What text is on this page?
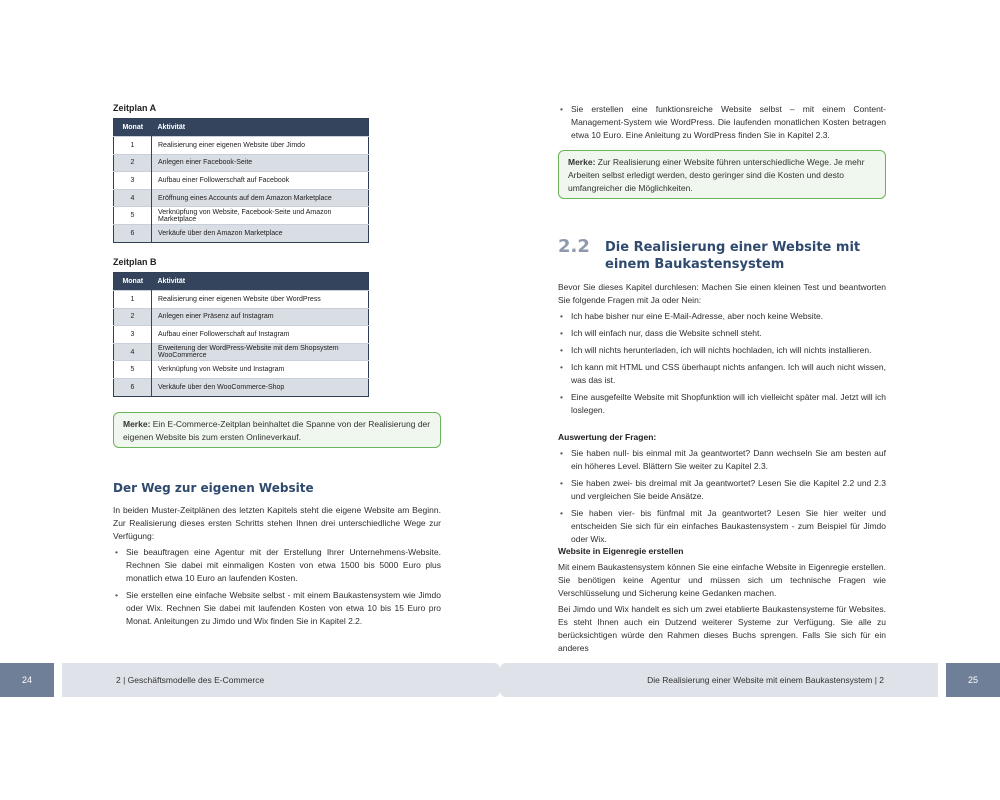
Zeitplan A
Monat	Aktivität
1	Realisierung einer eigenen Website über Jimdo
2	Anlegen einer Facebook-Seite
3	Aufbau einer Followerschaft auf Facebook
4	Eröffnung eines Accounts auf dem Amazon Marketplace
5	Verknüpfung von Website, Facebook-Seite und Amazon Marketplace
6	Verkäufe über den Amazon Marketplace
Zeitplan B
Monat	Aktivität
1	Realisierung einer eigenen Website über WordPress
2	Anlegen einer Präsenz auf Instagram
3	Aufbau einer Followerschaft auf Instagram
4	Erweiterung der WordPress-Website mit dem Shopsystem WooCommerce
5	Verknüpfung von Website und Instagram
6	Verkäufe über den WooCommerce-Shop
Merke: Ein E-Commerce-Zeitplan beinhaltet die Spanne von der Realisierung der eigenen Website bis zum ersten Onlineverkauf.
Der Weg zur eigenen Website
In beiden Muster-Zeitplänen des letzten Kapitels steht die eigene Website am Beginn. Zur Realisierung dieses ersten Schritts stehen Ihnen drei unterschiedliche Wege zur Verfügung:
• Sie beauftragen eine Agentur mit der Erstellung Ihrer Unternehmens-Website. Rechnen Sie dabei mit einmaligen Kosten von etwa 1500 bis 5000 Euro plus monatlich etwa 10 Euro an laufenden Kosten.
• Sie erstellen eine einfache Website selbst - mit einem Baukastensystem wie Jimdo oder Wix. Rechnen Sie dabei mit laufenden Kosten von etwa 10 bis 15 Euro pro Monat. Anleitungen zu Jimdo und Wix finden Sie in Kapitel 2.2.
• Sie erstellen eine funktionsreiche Website selbst – mit einem Content-Management-System wie WordPress. Die laufenden monatlichen Kosten betragen etwa 10 Euro. Eine Anleitung zu WordPress finden Sie in Kapitel 2.3.
Merke: Zur Realisierung einer Website führen unterschiedliche Wege. Je mehr Arbeiten selbst erledigt werden, desto geringer sind die Kosten und desto umfangreicher die Möglichkeiten.
2.2 Die Realisierung einer Website mit einem Baukastensystem
Bevor Sie dieses Kapitel durchlesen: Machen Sie einen kleinen Test und beantworten Sie folgende Fragen mit Ja oder Nein:
• Ich habe bisher nur eine E-Mail-Adresse, aber noch keine Website.
• Ich will einfach nur, dass die Website schnell steht.
• Ich will nichts herunterladen, ich will nichts hochladen, ich will nichts installieren.
• Ich kann mit HTML und CSS überhaupt nichts anfangen. Ich will auch nicht wissen, was das ist.
• Eine ausgefeilte Website mit Shopfunktion will ich vielleicht später mal. Jetzt will ich loslegen.
Auswertung der Fragen:
• Sie haben null- bis einmal mit Ja geantwortet? Dann wechseln Sie am besten auf ein höheres Level. Blättern Sie weiter zu Kapitel 2.3.
• Sie haben zwei- bis dreimal mit Ja geantwortet? Lesen Sie die Kapitel 2.2 und 2.3 und vergleichen Sie beide Ansätze.
• Sie haben vier- bis fünfmal mit Ja geantwortet? Lesen Sie hier weiter und entscheiden Sie sich für ein einfaches Baukastensystem - zum Beispiel für Jimdo oder Wix.
Website in Eigenregie erstellen
Mit einem Baukastensystem können Sie eine einfache Website in Eigenregie erstellen. Sie benötigen keine Agentur und müssen sich um technische Fragen wie Verschlüsselung und Sicherung keine Gedanken machen.
Bei Jimdo und Wix handelt es sich um zwei etablierte Baukastensysteme für Websites. Es steht Ihnen auch ein Dutzend weiterer Systeme zur Verfügung. Sie alle zu berücksichtigen würde den Rahmen dieses Buchs sprengen. Falls Sie sich für ein anderes
24	2 | Geschäftsmodelle des E-Commerce	Die Realisierung einer Website mit einem Baukastensystem | 2	25
